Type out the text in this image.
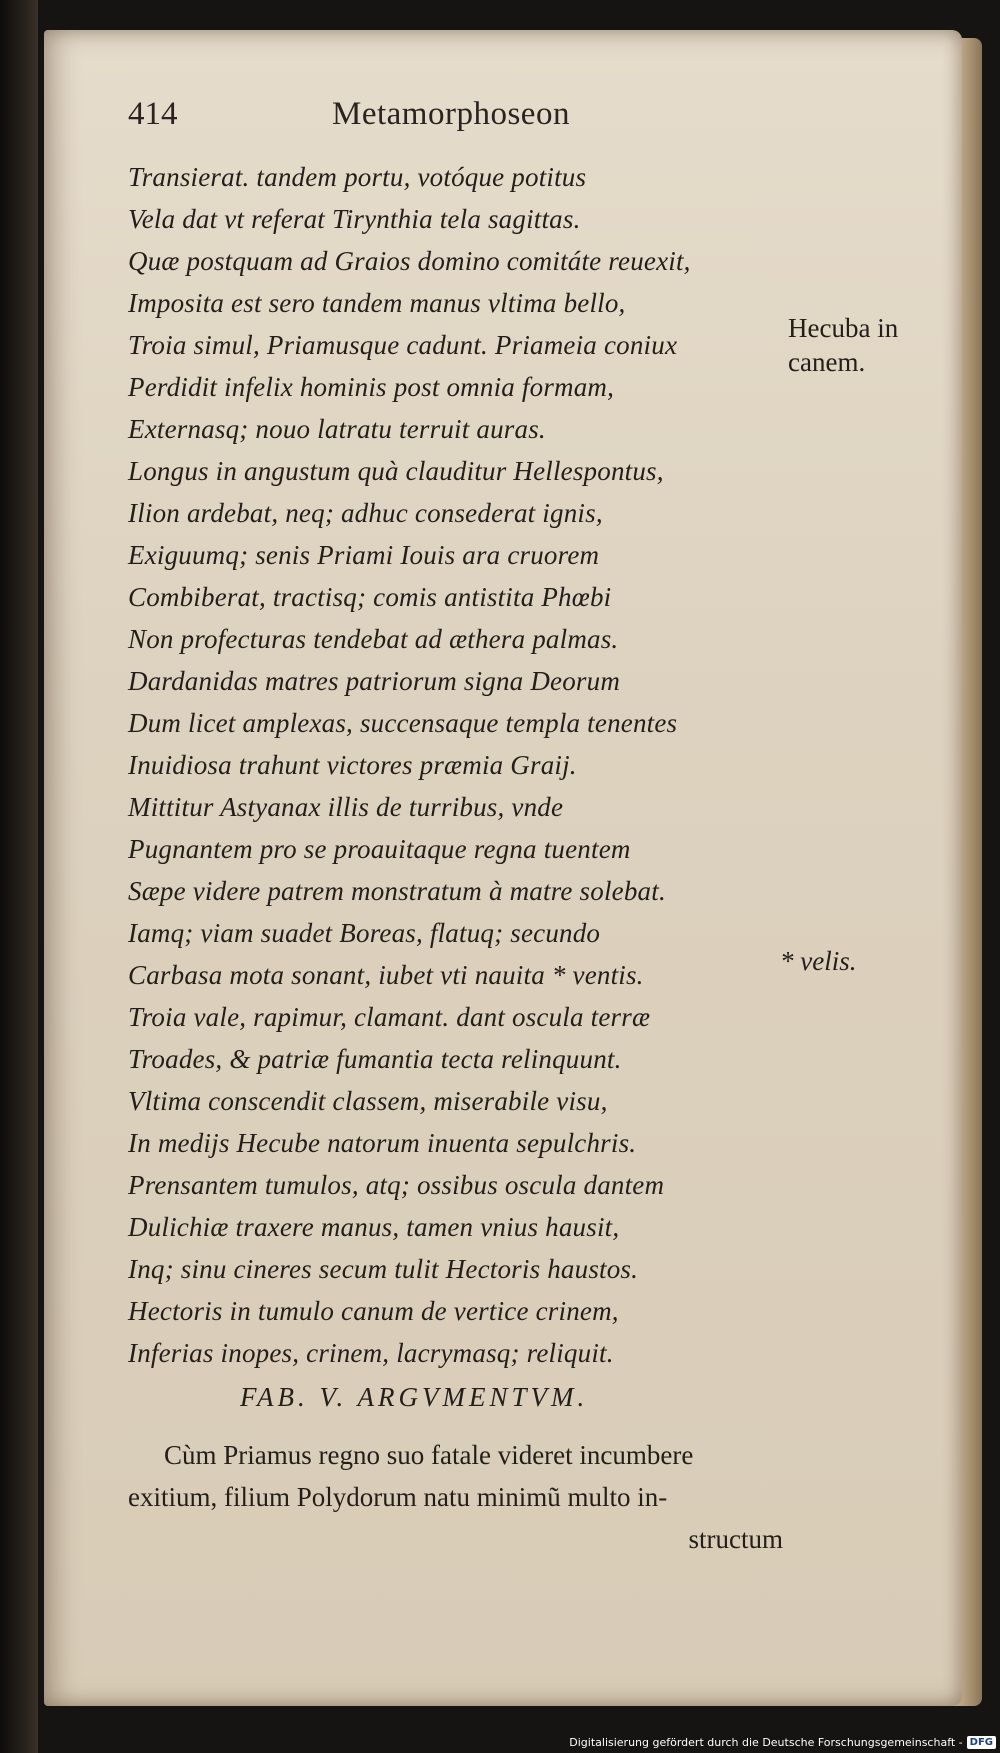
414	Metamorphoseon
Transierat. tandem portu, votóque potitus
Vela dat vt referat Tirynthia tela sagittas.
Quæ postquam ad Graios domino comitáte reuexit,
Imposita est sero tandem manus vltima bello,
Troia simul, Priamusque cadunt. Priameia coniux
Perdidit infelix hominis post omnia formam,
Externasq; nouo latratu terruit auras.
Longus in angustum quà clauditur Hellespontus,
Ilion ardebat, neq; adhuc consederat ignis,
Exiguumq; senis Priami Iouis ara cruorem
Combiberat, tractisq; comis antistita Phœbi
Non profecturas tendebat ad æthera palmas.
Dardanidas matres patriorum signa Deorum
Dum licet amplexas, succensaque templa tenentes
Inuidiosa trahunt victores præmia Graij.
Mittitur Astyanax illis de turribus, vnde
Pugnantem pro se proauitaque regna tuentem
Sæpe videre patrem monstratum à matre solebat.
Iamq; viam suadet Boreas, flatuq; secundo
Carbasa mota sonant, iubet vti nauita * ventis.
Troia vale, rapimur, clamant. dant oscula terræ
Troades, & patriæ fumantia tecta relinquunt.
Vltima conscendit classem, miserabile visu,
In medijs Hecube natorum inuenta sepulchris.
Prensantem tumulos, atq; ossibus oscula dantem
Dulichiæ traxere manus, tamen vnius hausit,
Inq; sinu cineres secum tulit Hectoris haustos.
Hectoris in tumulo canum de vertice crinem,
Inferias inopes, crinem, lacrymasq; reliquit.
Hecuba in
canem.
* velis.
FAB. V. ARGVMENTVM.
Cùm Priamus regno suo fatale videret incumbere
exitium, filium Polydorum natu minimũ multo in-
structum
Digitalisierung gefördert durch die Deutsche Forschungsgemeinschaft - DFG
